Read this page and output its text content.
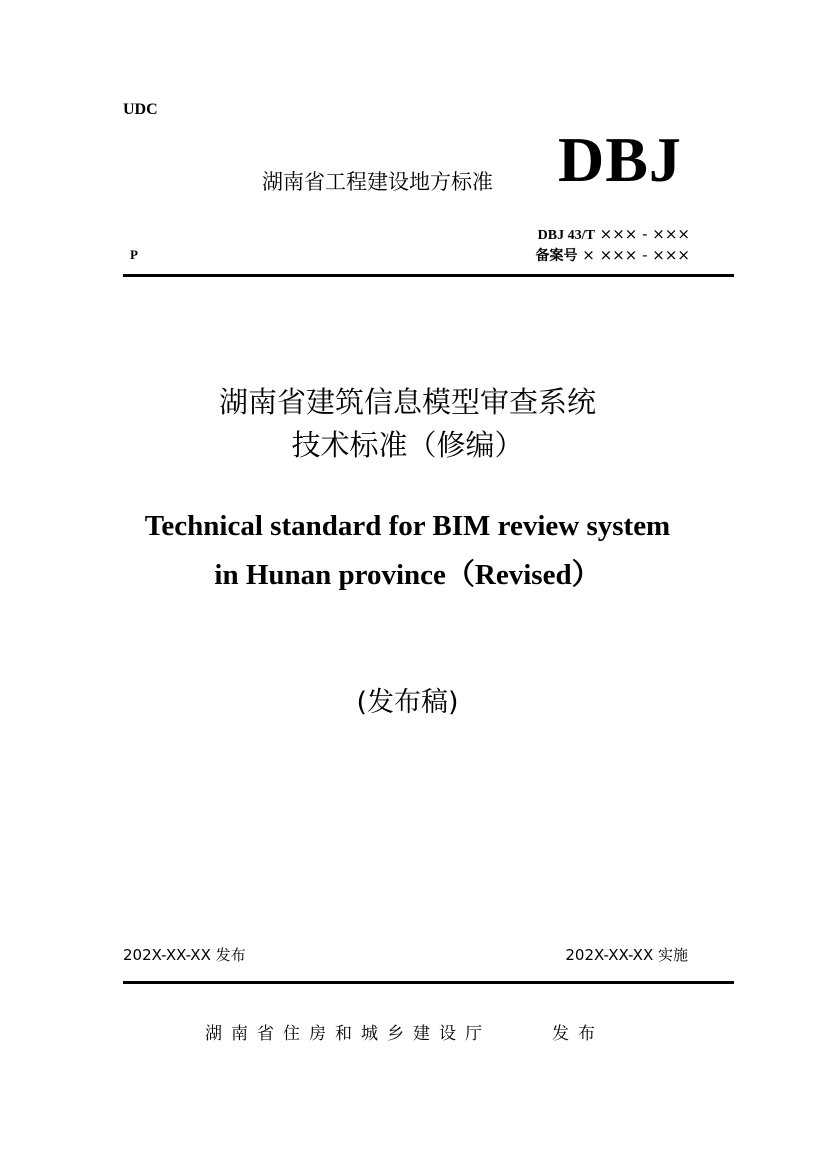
UDC
湖南省工程建设地方标准 DBJ
DBJ 43/T ××× - ×××
备案号 × ××× - ×××
P
湖南省建筑信息模型审查系统
技术标准（修编）
Technical standard for BIM review system
in Hunan province（Revised）
(发布稿)
202X-XX-XX 发布	202X-XX-XX 实施
湖南省住房和城乡建设厅	发布
